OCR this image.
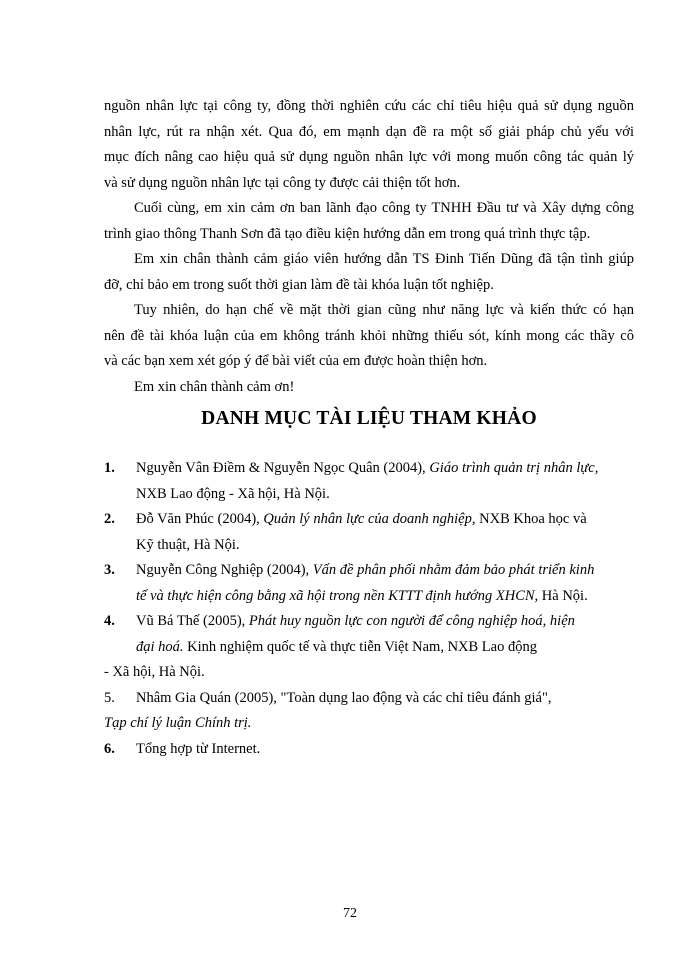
nguồn nhân lực tại công ty, đồng thời nghiên cứu các chỉ tiêu hiệu quả sử dụng nguồn
nhân lực, rút ra nhận xét. Qua đó, em mạnh dạn đề ra một số giải pháp chủ yếu với
mục đích nâng cao hiệu quả sử dụng nguồn nhân lực với mong muốn công tác quản lý
và sử dụng nguồn nhân lực tại công ty được cải thiện tốt hơn.
Cuối cùng, em xin cảm ơn ban lãnh đạo công ty TNHH Đầu tư và Xây dựng công
trình giao thông Thanh Sơn đã tạo điều kiện hướng dẫn em trong quá trình thực tập.
Em xin chân thành cảm giáo viên hướng dẫn TS Đinh Tiến Dũng đã tận tình giúp
đỡ, chỉ bảo em trong suốt thời gian làm đề tài khóa luận tốt nghiệp.
Tuy nhiên, do hạn chế về mặt thời gian cũng như năng lực và kiến thức có hạn
nên đề tài khóa luận của em không tránh khỏi những thiếu sót, kính mong các thầy cô
và các bạn xem xét góp ý để bài viết của em được hoàn thiện hơn.
Em xin chân thành cảm ơn!
DANH MỤC TÀI LIỆU THAM KHẢO
1. Nguyễn Vân Điềm & Nguyễn Ngọc Quân (2004), Giáo trình quản trị nhân lực,
NXB Lao động - Xã hội, Hà Nội.
2. Đỗ Văn Phúc (2004), Quản lý nhân lực của doanh nghiệp, NXB Khoa học và
Kỹ thuật, Hà Nội.
3. Nguyễn Công Nghiệp (2004), Vấn đề phân phối nhằm đảm bảo phát triển kinh
tế và thực hiện công bằng xã hội trong nền KTTT định hướng XHCN, Hà Nội.
4. Vũ Bá Thế (2005), Phát huy nguồn lực con người để công nghiệp hoá, hiện
đại hoá. Kinh nghiệm quốc tế và thực tiễn Việt Nam, NXB Lao động
- Xã hội, Hà Nội.
5. Nhâm Gia Quán (2005), "Toàn dụng lao động và các chỉ tiêu đánh giá",
Tạp chí lý luận Chính trị.
6. Tổng hợp từ Internet.
72
